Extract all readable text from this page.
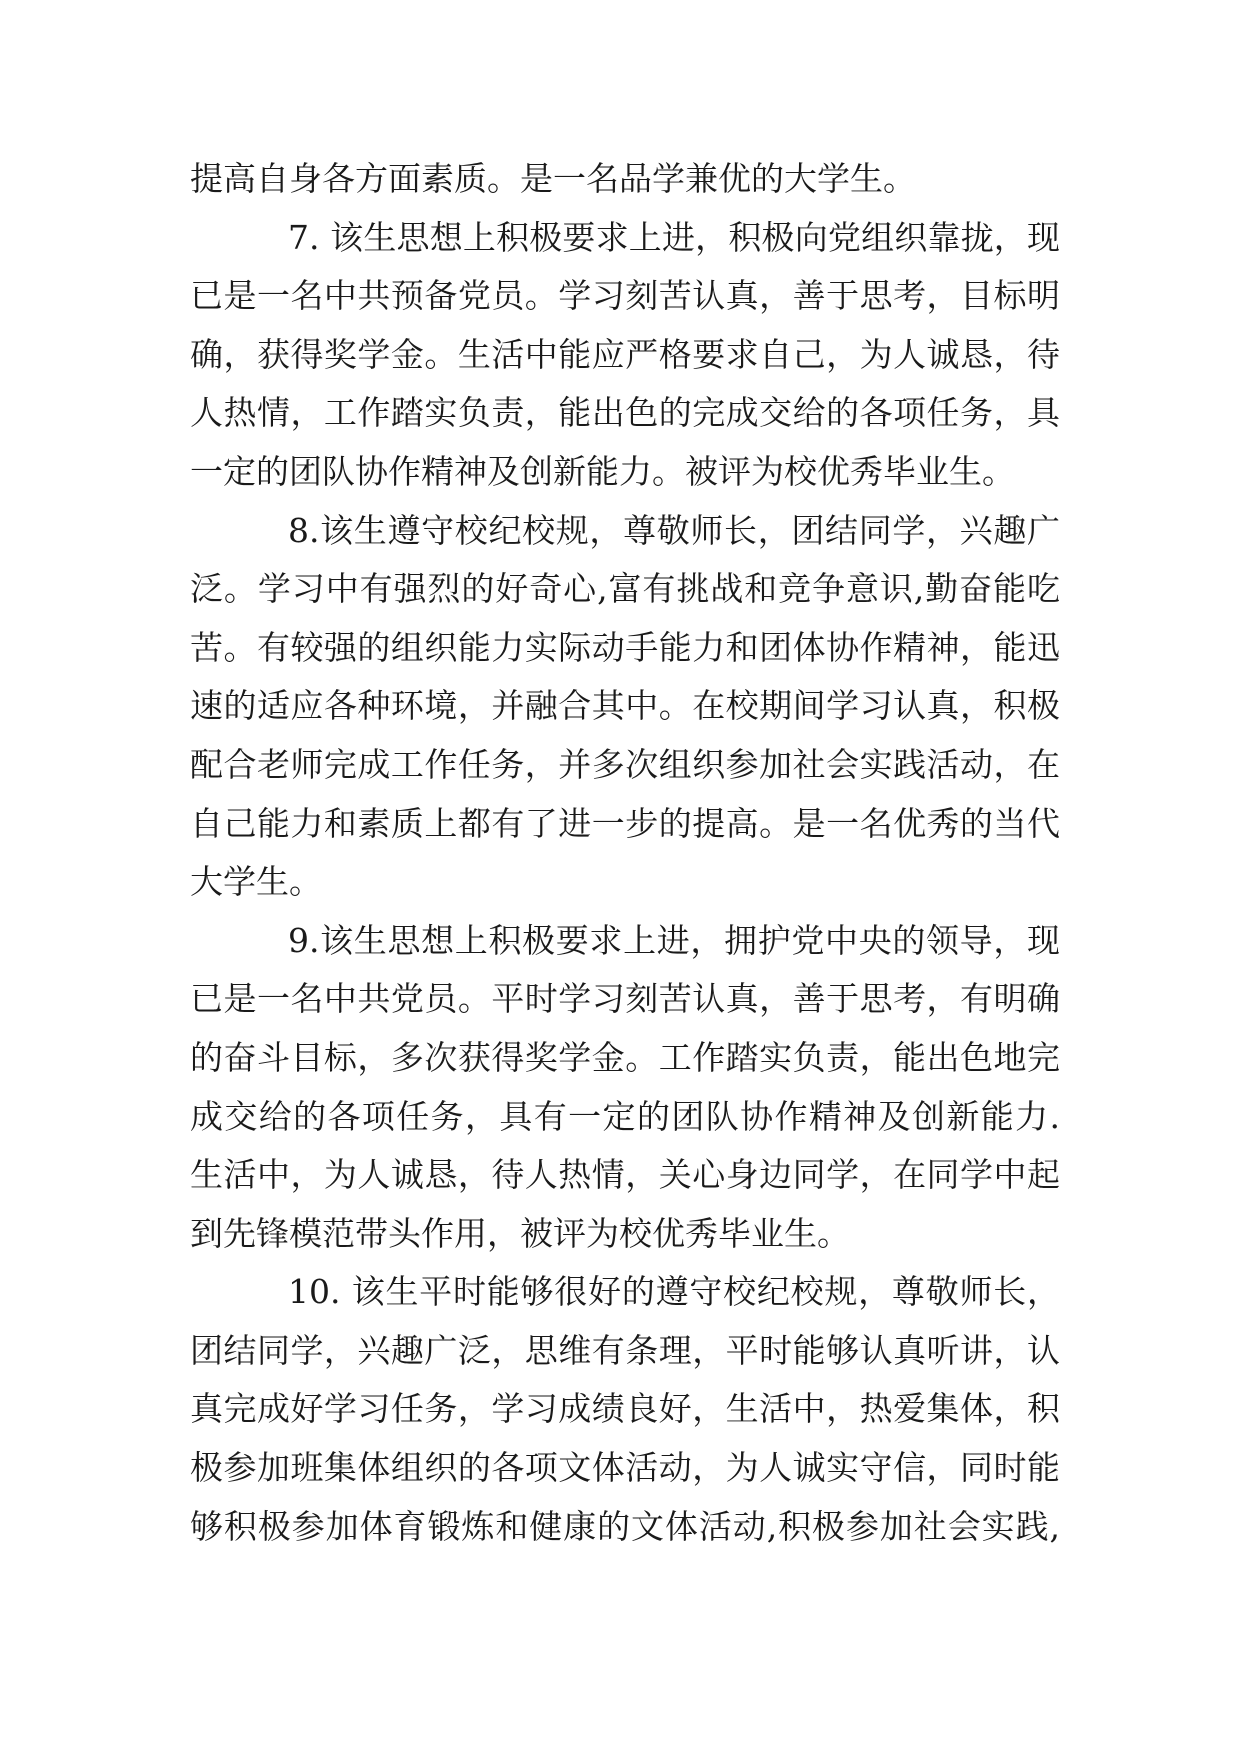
提高自身各方面素质。是一名品学兼优的大学生。
7. 该生思想上积极要求上进，积极向党组织靠拢，现
已是一名中共预备党员。学习刻苦认真，善于思考，目标明
确，获得奖学金。生活中能应严格要求自己，为人诚恳，待
人热情，工作踏实负责，能出色的完成交给的各项任务，具
一定的团队协作精神及创新能力。被评为校优秀毕业生。
8.该生遵守校纪校规，尊敬师长，团结同学，兴趣广
泛。学习中有强烈的好奇心,富有挑战和竞争意识,勤奋能吃
苦。有较强的组织能力实际动手能力和团体协作精神，能迅
速的适应各种环境，并融合其中。在校期间学习认真，积极
配合老师完成工作任务，并多次组织参加社会实践活动，在
自己能力和素质上都有了进一步的提高。是一名优秀的当代
大学生。
9.该生思想上积极要求上进，拥护党中央的领导，现
已是一名中共党员。平时学习刻苦认真，善于思考，有明确
的奋斗目标，多次获得奖学金。工作踏实负责，能出色地完
成交给的各项任务，具有一定的团队协作精神及创新能力.
生活中，为人诚恳，待人热情，关心身边同学，在同学中起
到先锋模范带头作用，被评为校优秀毕业生。
10. 该生平时能够很好的遵守校纪校规，尊敬师长，
团结同学，兴趣广泛，思维有条理，平时能够认真听讲，认
真完成好学习任务，学习成绩良好，生活中，热爱集体，积
极参加班集体组织的各项文体活动，为人诚实守信，同时能
够积极参加体育锻炼和健康的文体活动,积极参加社会实践,
